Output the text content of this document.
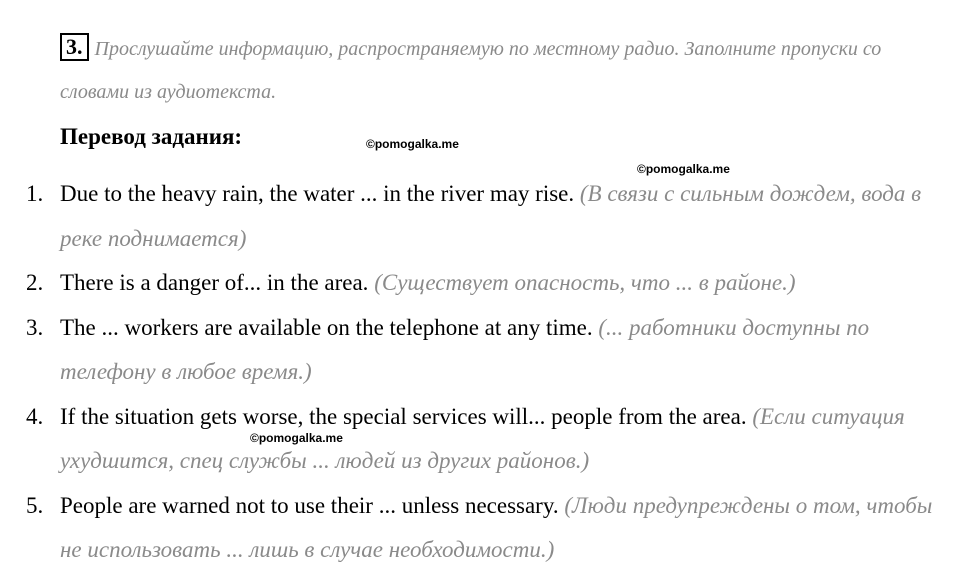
3. Прослушайте информацию, распространяемую по местному радио. Заполните пропуски со словами из аудиотекста.
Перевод задания:	©pomogalka.me
©pomogalka.me
©pomogalka.me
1. Due to the heavy rain, the water ... in the river may rise. (В связи с сильным дождем, вода в реке поднимается)
2. There is a danger of... in the area. (Существует опасность, что ... в районе.)
3. The ... workers are available on the telephone at any time. (... работники доступны по телефону в любое время.)
4. If the situation gets worse, the special services will... people from the area. (Если ситуация ухудшится, спец службы ... людей из других районов.)
5. People are warned not to use their ... unless necessary. (Люди предупреждены о том, чтобы не использовать ... лишь в случае необходимости.)
